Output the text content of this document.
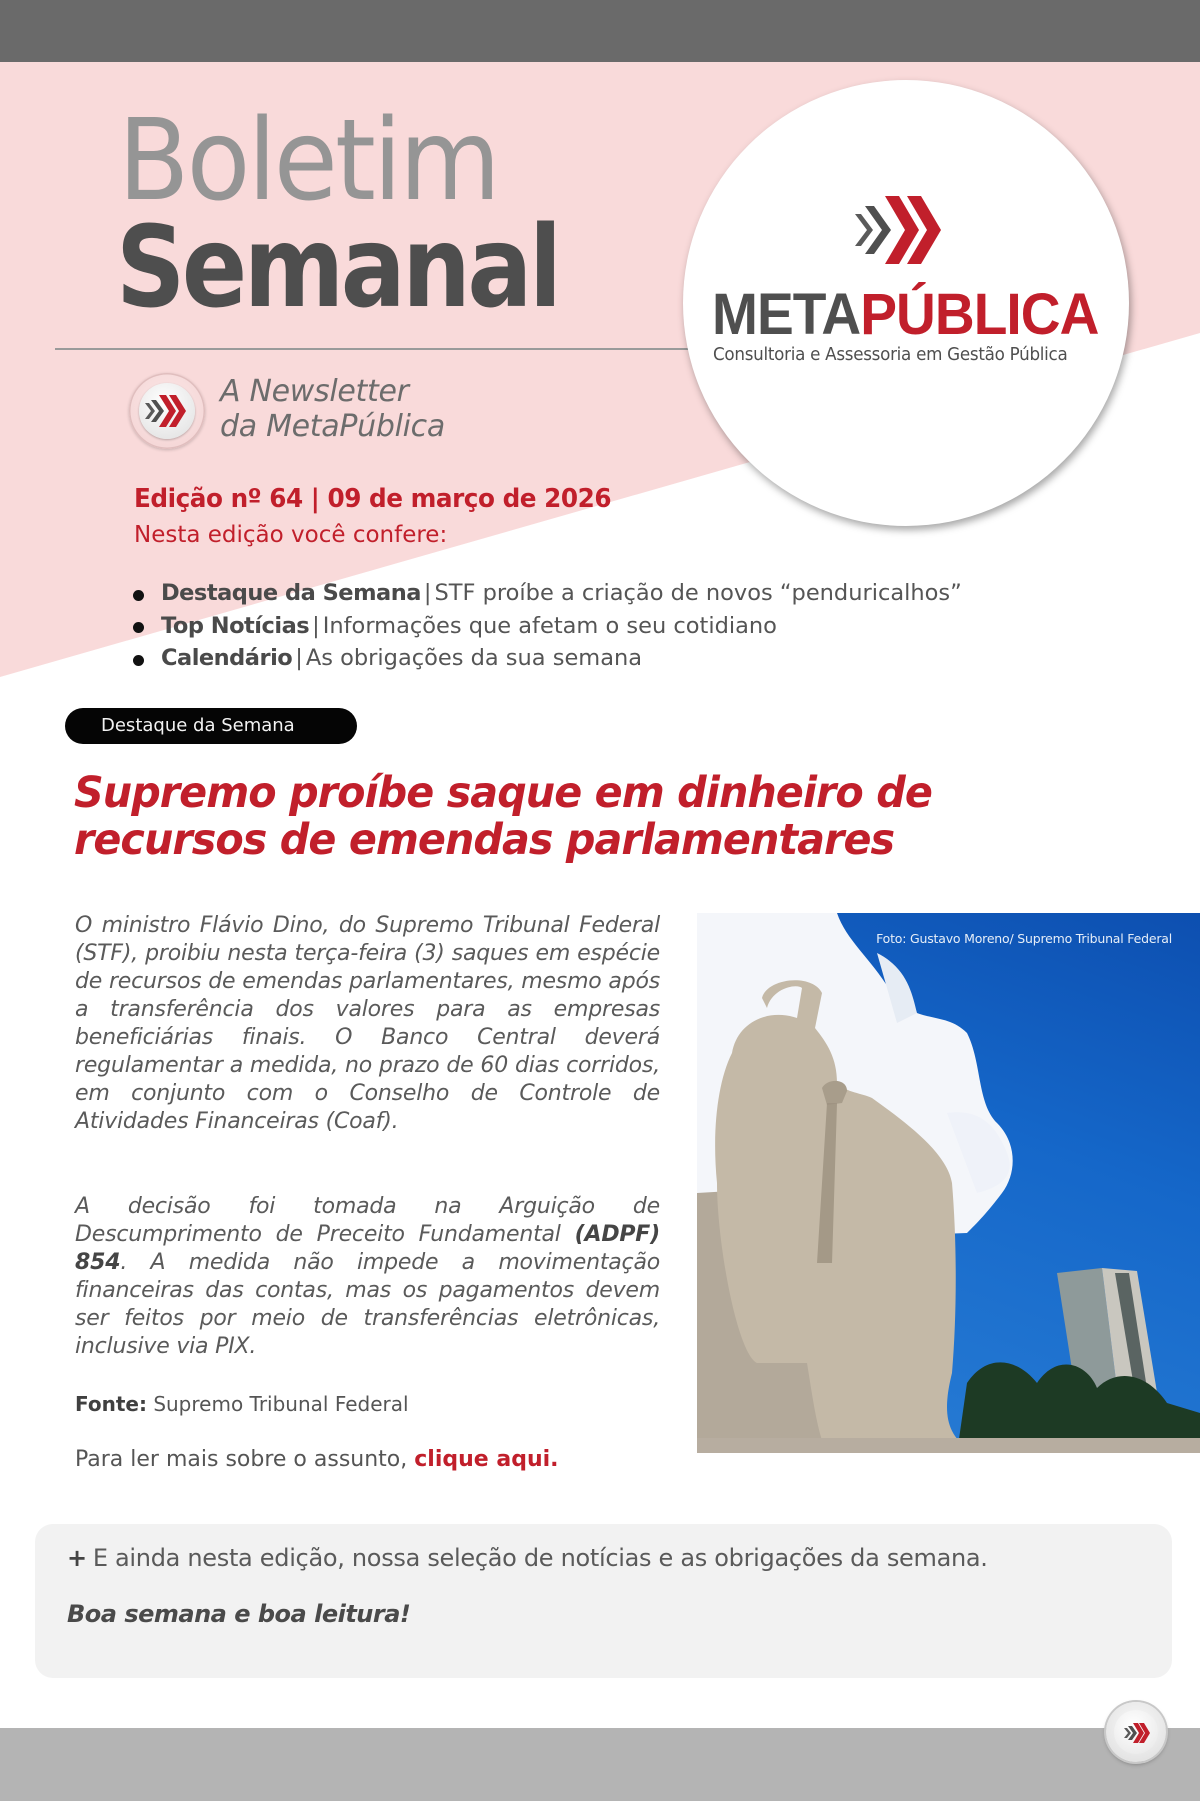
Boletim
Semanal	METAPÚBLICA
Consultoria e Assessoria em Gestão Pública
A Newsletter
da MetaPública
Edição nº 64 | 09 de março de 2026
Nesta edição você confere:
Destaque da Semana | STF proíbe a criação de novos “penduricalhos”
Top Notícias | Informações que afetam o seu cotidiano
Calendário | As obrigações da sua semana
Destaque da Semana
Supremo proíbe saque em dinheiro de recursos de emendas parlamentares

O ministro Flávio Dino, do Supremo Tribunal Federal (STF), proibiu nesta terça-feira (3) saques em espécie de recursos de emendas parlamentares, mesmo após a transferência dos valores para as empresas beneficiárias finais. O Banco Central deverá regulamentar a medida, no prazo de 60 dias corridos, em conjunto com o Conselho de Controle de Atividades Financeiras (Coaf).

A decisão foi tomada na Arguição de Descumprimento de Preceito Fundamental (ADPF) 854. A medida não impede a movimentação financeiras das contas, mas os pagamentos devem ser feitos por meio de transferências eletrônicas, inclusive via PIX.

Fonte: Supremo Tribunal Federal
Para ler mais sobre o assunto, clique aqui.
Foto: Gustavo Moreno/ Supremo Tribunal Federal
+ E ainda nesta edição, nossa seleção de notícias e as obrigações da semana.
Boa semana e boa leitura!
